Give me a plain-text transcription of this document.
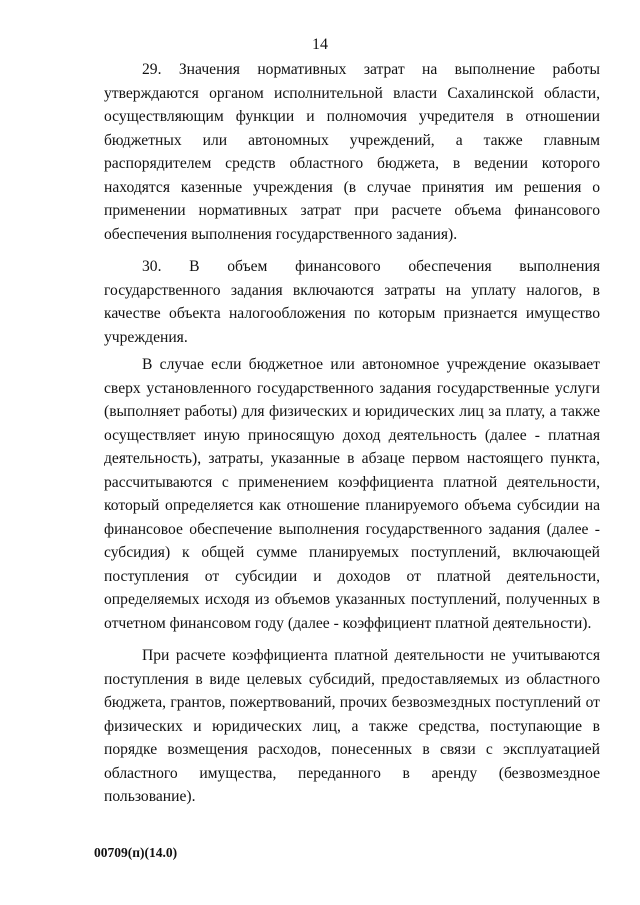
14

29. Значения нормативных затрат на выполнение работы утверждаются органом исполнительной власти Сахалинской области, осуществляющим функции и полномочия учредителя в отношении бюджетных или автономных учреждений, а также главным распорядителем средств областного бюджета, в ведении которого находятся казенные учреждения (в случае принятия им решения о применении нормативных затрат при расчете объема финансового обеспечения выполнения государственного задания).

30. В объем финансового обеспечения выполнения государственного задания включаются затраты на уплату налогов, в качестве объекта налогообложения по которым признается имущество учреждения.

В случае если бюджетное или автономное учреждение оказывает сверх установленного государственного задания государственные услуги (выполняет работы) для физических и юридических лиц за плату, а также осуществляет иную приносящую доход деятельность (далее - платная деятельность), затраты, указанные в абзаце первом настоящего пункта, рассчитываются с применением коэффициента платной деятельности, который определяется как отношение планируемого объема субсидии на финансовое обеспечение выполнения государственного задания (далее - субсидия) к общей сумме планируемых поступлений, включающей поступления от субсидии и доходов от платной деятельности, определяемых исходя из объемов указанных поступлений, полученных в отчетном финансовом году (далее - коэффициент платной деятельности).

При расчете коэффициента платной деятельности не учитываются поступления в виде целевых субсидий, предоставляемых из областного бюджета, грантов, пожертвований, прочих безвозмездных поступлений от физических и юридических лиц, а также средства, поступающие в порядке возмещения расходов, понесенных в связи с эксплуатацией областного имущества, переданного в аренду (безвозмездное пользование).

00709(п)(14.0)
